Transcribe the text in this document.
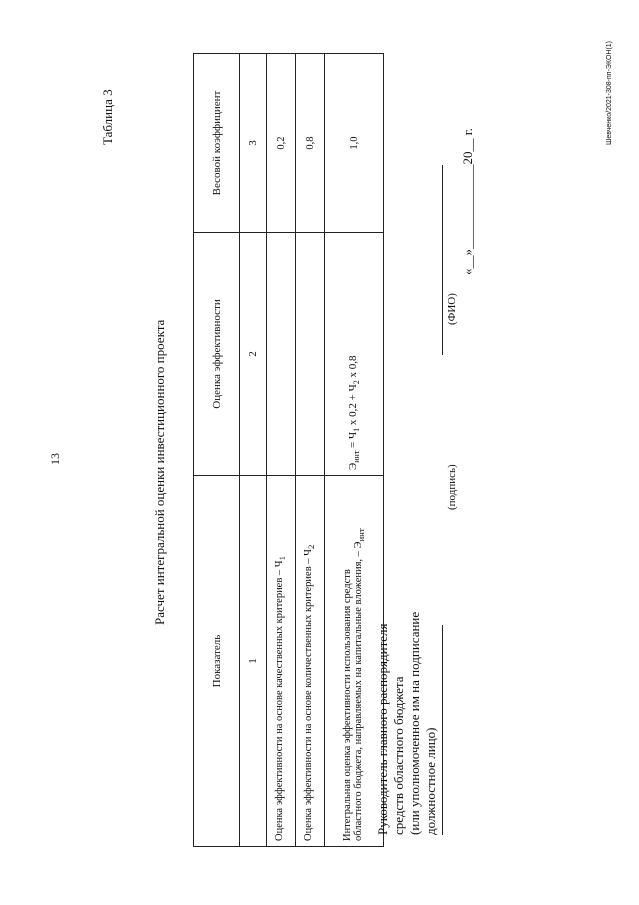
13
Таблица 3
Расчет интегральной оценки инвестиционного проекта
Показатель	Оценка эффективности	Весовой коэффициент
1	2	3
Оценка эффективности на основе качественных критериев – $Ч_1$		0,2
Оценка эффективности на основе количественных критериев – $Ч_2$		0,8

Интегральная оценка эффективности использования средств областного бюджета, направляемых на капитальные вложения, – $Э_{инт}$	$Э_{инт} = Ч_1$ x $0,2 + Ч_2$ x 0,8	1,0
Руководитель главного распорядителя средств областного бюджета (или уполномоченное им на подписание должностное лицо)
(подпись)
(ФИО)
«__»_____________20__ г.
Шевченко/2021-308-пп-ЭКОН(1)
